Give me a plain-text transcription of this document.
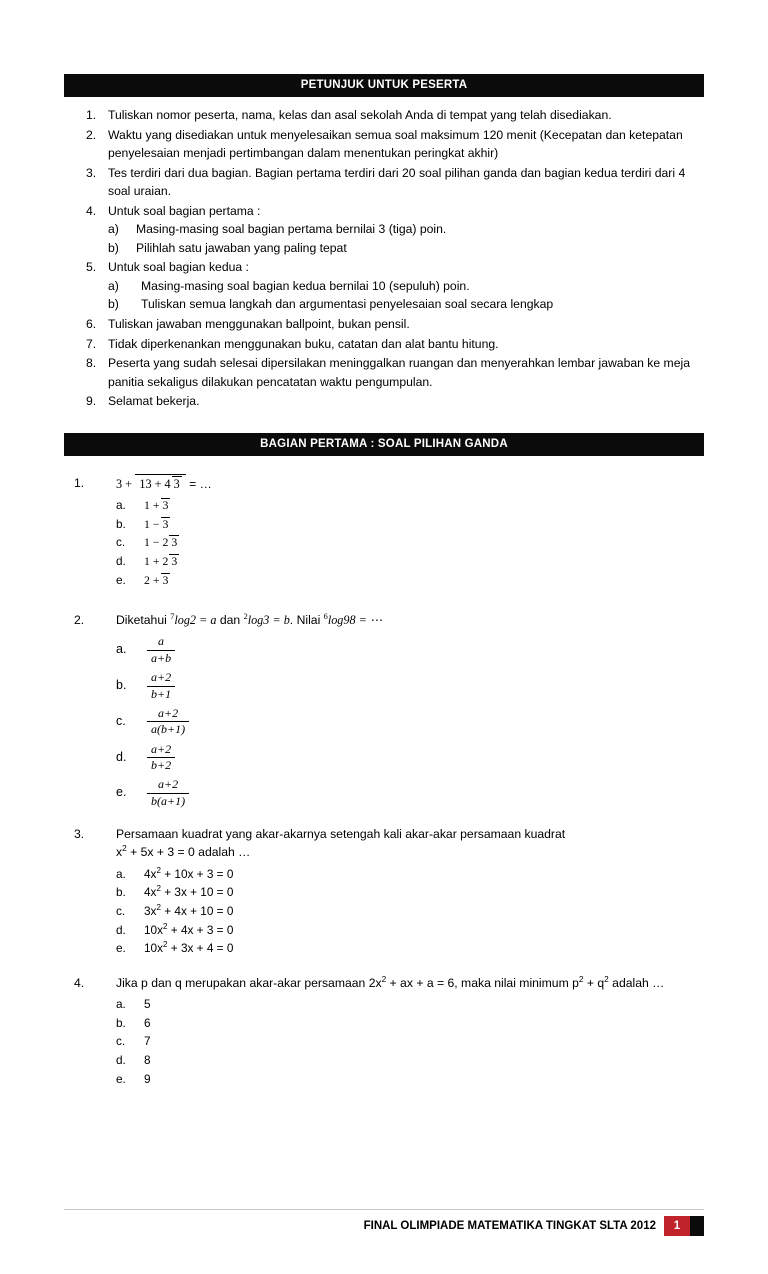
PETUNJUK UNTUK PESERTA
1. Tuliskan nomor peserta, nama, kelas dan asal sekolah Anda di tempat yang telah disediakan.
2. Waktu yang disediakan untuk menyelesaikan semua soal maksimum 120 menit (Kecepatan dan ketepatan penyelesaian menjadi pertimbangan dalam menentukan peringkat akhir)
3. Tes terdiri dari dua bagian. Bagian pertama terdiri dari 20 soal pilihan ganda dan bagian kedua terdiri dari 4 soal uraian.
4. Untuk soal bagian pertama :
a) Masing-masing soal bagian pertama bernilai 3 (tiga) poin.
b) Pilihlah satu jawaban yang paling tepat
5. Untuk soal bagian kedua :
a) Masing-masing soal bagian kedua bernilai 10 (sepuluh) poin.
b) Tuliskan semua langkah dan argumentasi penyelesaian soal secara lengkap
6. Tuliskan jawaban menggunakan ballpoint, bukan pensil.
7. Tidak diperkenankan menggunakan buku, catatan dan alat bantu hitung.
8. Peserta yang sudah selesai dipersilakan meninggalkan ruangan dan menyerahkan lembar jawaban ke meja panitia sekaligus dilakukan pencatatan waktu pengumpulan.
9. Selamat bekerja.
BAGIAN PERTAMA : SOAL PILIHAN GANDA
1.	3 + 13 + 4 3 = …
a. 1 + 3
b. 1 − 3
c. 1 − 2 3
d. 1 + 2 3
e. 2 + 3
2.	Diketahui $^7$log2 = a dan $^2$log3 = b. Nilai $^6$log98 = ⋯
a. $\frac{a}{a+b}$
b. $\frac{a+2}{b+1}$
c. $\frac{a+2}{a(b+1)}$
d. $\frac{a+2}{b+2}$
e. $\frac{a+2}{b(a+1)}$
3.	Persamaan kuadrat yang akar-akarnya setengah kali akar-akar persamaan kuadrat
$x^2 + 5x + 3 = 0$ adalah …
a. $4x^2 + 10x + 3 = 0$
b. $4x^2 + 3x + 10 = 0$
c. $3x^2 + 4x + 10 = 0$
d. $10x^2 + 4x + 3 = 0$
e. $10x^2 + 3x + 4 = 0$
4.	Jika p dan q merupakan akar-akar persamaan $2x^2$ + ax + a = 6, maka nilai minimum $p^2 + q^2$ adalah …
a. 5
b. 6
c. 7
d. 8
e. 9
FINAL OLIMPIADE MATEMATIKA TINGKAT SLTA 2012	1
